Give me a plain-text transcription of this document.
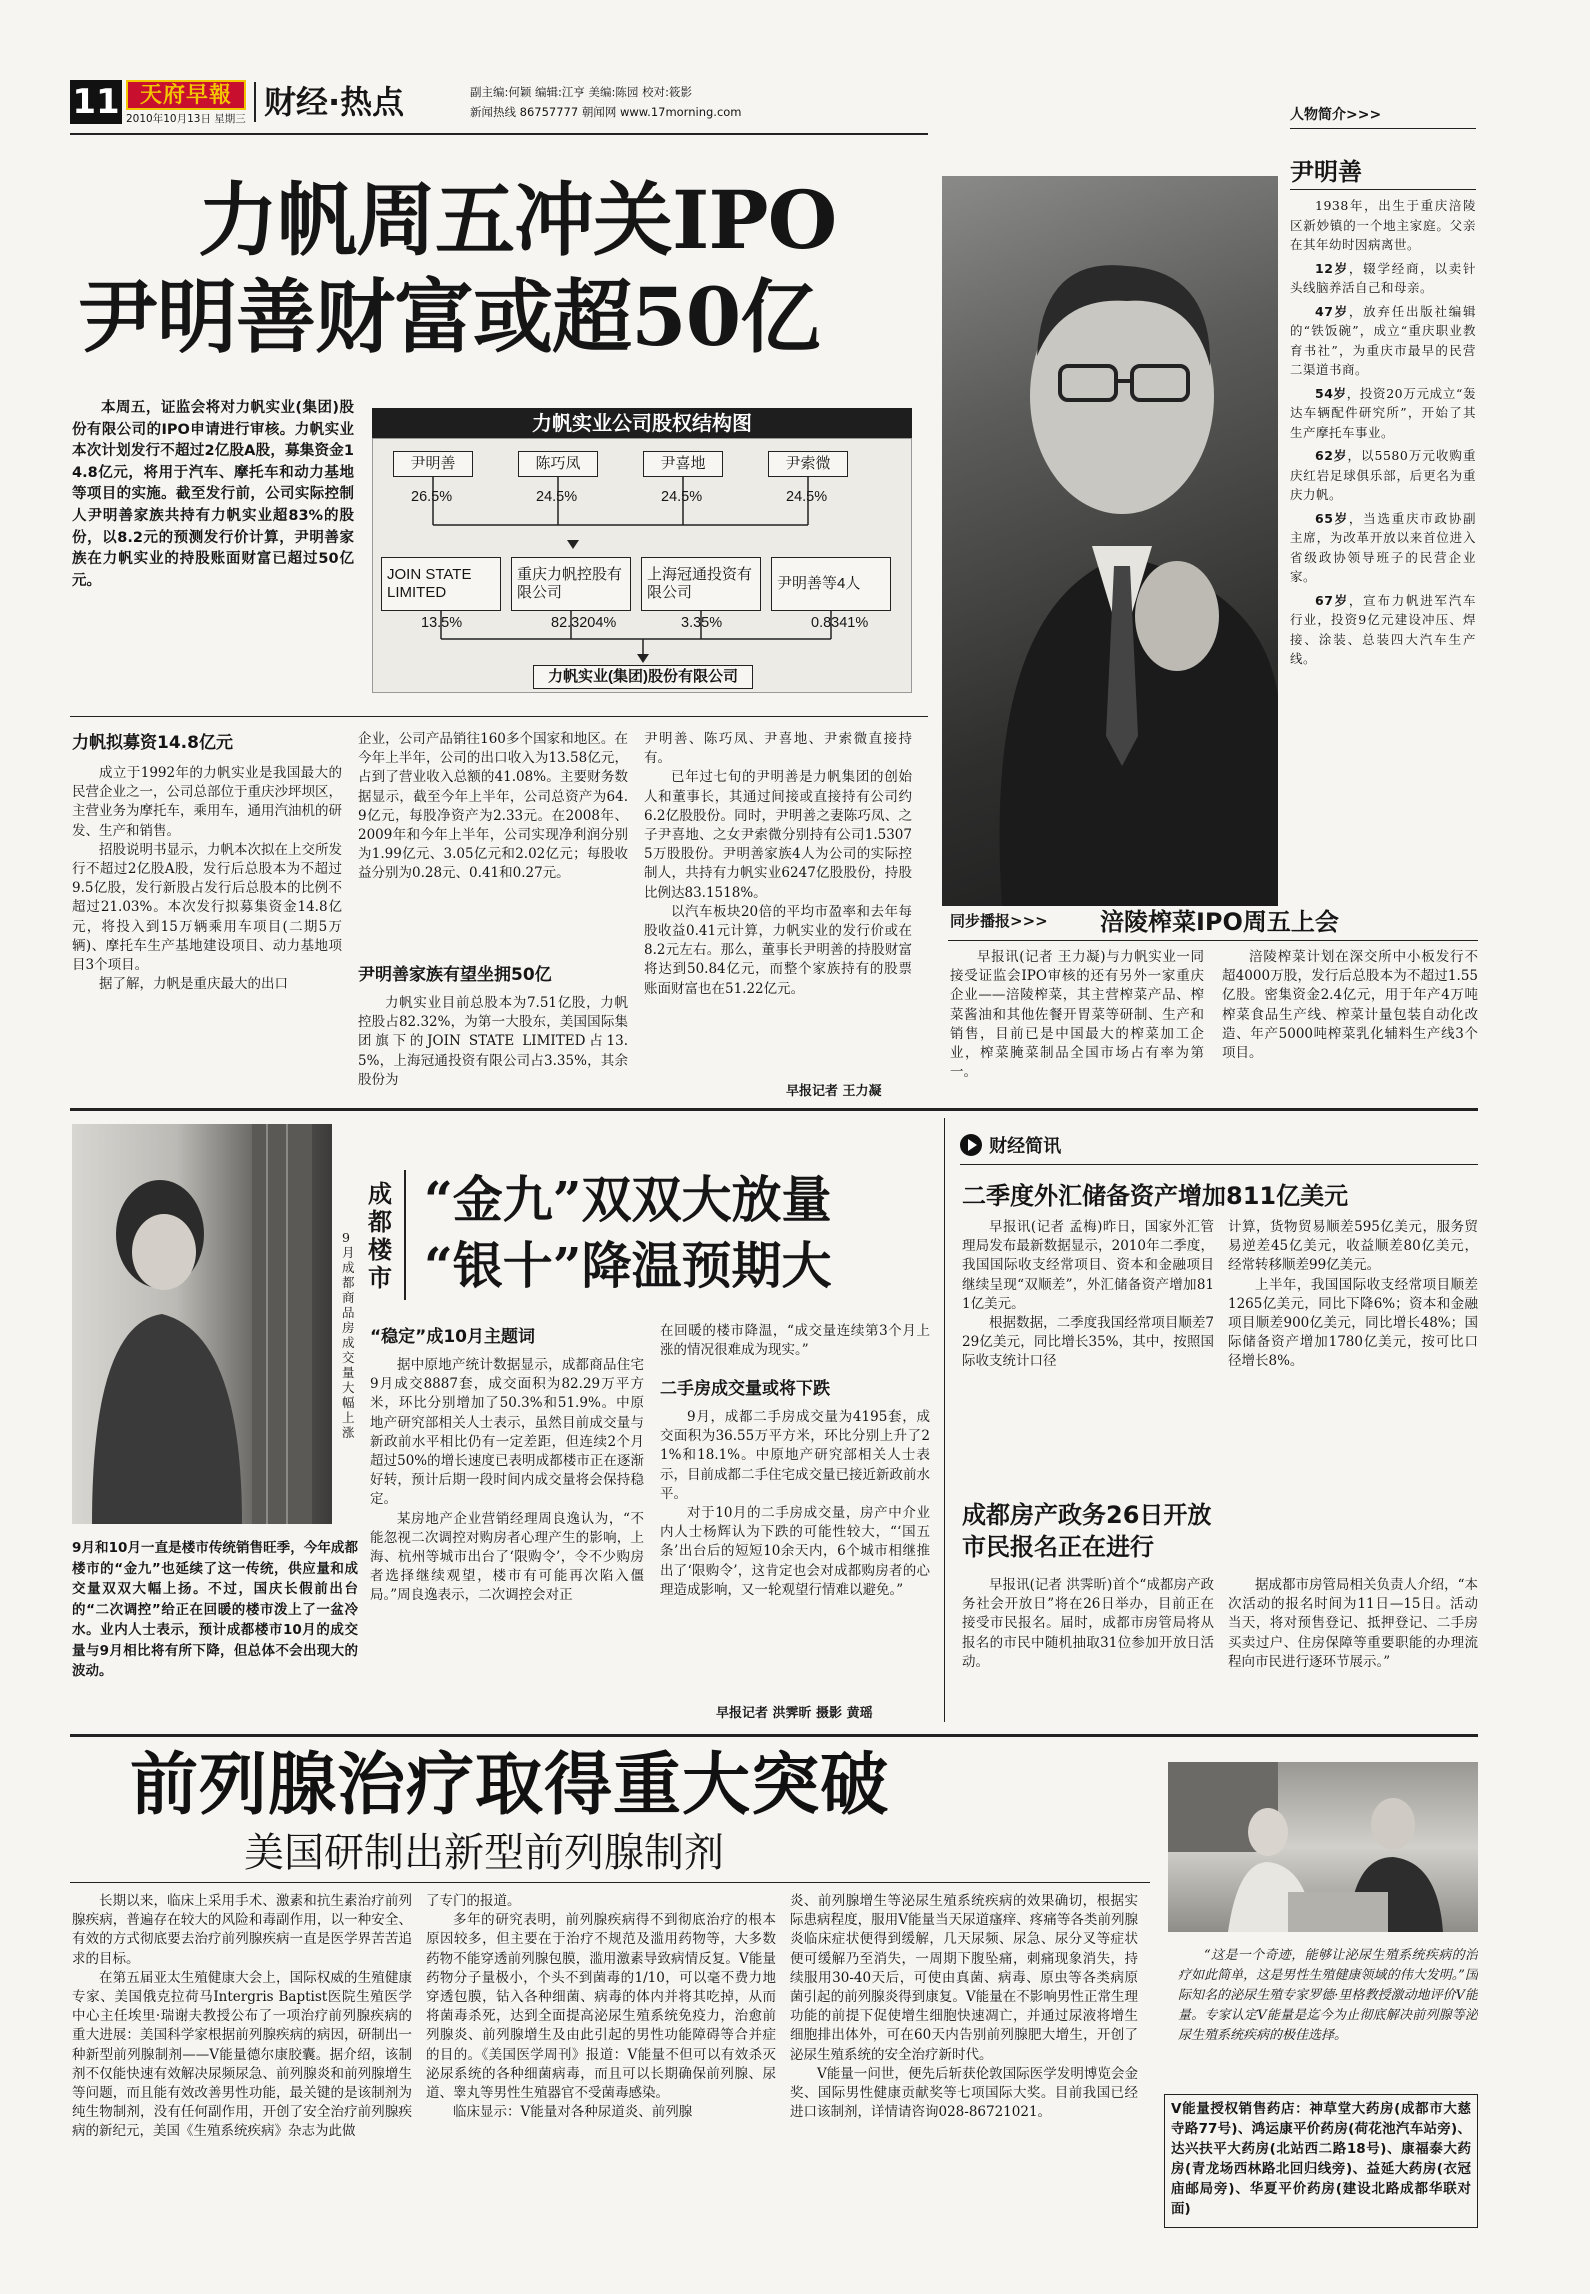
11 天府早報
2010年10月13日 星期三 财经·热点	副主编:何颖 编辑:江亨 美编:陈园 校对:筱影
新闻热线 86757777 朝闻网 www.17morning.com
力帆周五冲关IPO
尹明善财富或超50亿

本周五，证监会将对力帆实业(集团)股份有限公司的IPO申请进行审核。力帆实业本次计划发行不超过2亿股A股，募集资金14.8亿元，将用于汽车、摩托车和动力基地等项目的实施。截至发行前，公司实际控制人尹明善家族共持有力帆实业超83%的股份，以8.2元的预测发行价计算，尹明善家族在力帆实业的持股账面财富已超过50亿元。

力帆实业公司股权结构图
尹明善
26.5%
陈巧凤
24.5%
尹喜地
24.5%
尹索微
24.5%
JOIN STATE LIMITED
13.5%
重庆力帆控股有限公司
82.3204%
上海冠通投资有限公司
3.35%
尹明善等4人
0.8341%
力帆实业(集团)股份有限公司
力帆拟募资14.8亿元

成立于1992年的力帆实业是我国最大的民营企业之一，公司总部位于重庆沙坪坝区，主营业务为摩托车，乘用车，通用汽油机的研发、生产和销售。

招股说明书显示，力帆本次拟在上交所发行不超过2亿股A股，发行后总股本为不超过9.5亿股，发行新股占发行后总股本的比例不超过21.03%。本次发行拟募集资金14.8亿元，将投入到15万辆乘用车项目(二期5万辆)、摩托车生产基地建设项目、动力基地项目3个项目。

据了解，力帆是重庆最大的出口

企业，公司产品销往160多个国家和地区。在今年上半年，公司的出口收入为13.58亿元，占到了营业收入总额的41.08%。主要财务数据显示，截至今年上半年，公司总资产为64.9亿元，每股净资产为2.33元。在2008年、2009年和今年上半年，公司实现净利润分别为1.99亿元、3.05亿元和2.02亿元；每股收益分别为0.28元、0.41和0.27元。

尹明善家族有望坐拥50亿

力帆实业目前总股本为7.51亿股，力帆控股占82.32%，为第一大股东，美国国际集团旗下的JOIN STATE LIMITED占13.5%，上海冠通投资有限公司占3.35%，其余股份为

尹明善、陈巧凤、尹喜地、尹索微直接持有。

已年过七旬的尹明善是力帆集团的创始人和董事长，其通过间接或直接持有公司约6.2亿股股份。同时，尹明善之妻陈巧凤、之子尹喜地、之女尹索微分别持有公司1.53075万股股份。尹明善家族4人为公司的实际控制人，共持有力帆实业6247亿股股份，持股比例达83.1518%。

以汽车板块20倍的平均市盈率和去年每股收益0.41元计算，力帆实业的发行价或在8.2元左右。那么，董事长尹明善的持股财富将达到50.84亿元，而整个家族持有的股票账面财富也在51.22亿元。

早报记者 王力凝
人物简介>>>
尹明善
1938年，出生于重庆涪陵区新妙镇的一个地主家庭。父亲在其年幼时因病离世。
12岁，辍学经商，以卖针头线脑养活自己和母亲。
47岁，放弃任出版社编辑的“铁饭碗”，成立“重庆职业教育书社”，为重庆市最早的民营二渠道书商。
54岁，投资20万元成立“轰达车辆配件研究所”，开始了其生产摩托车事业。
62岁，以5580万元收购重庆红岩足球俱乐部，后更名为重庆力帆。
65岁，当选重庆市政协副主席，为改革开放以来首位进入省级政协领导班子的民营企业家。
67岁，宣布力帆进军汽车行业，投资9亿元建设冲压、焊接、涂装、总装四大汽车生产线。
同步播报>>> 涪陵榨菜IPO周五上会

早报讯(记者 王力凝)与力帆实业一同接受证监会IPO审核的还有另外一家重庆企业——涪陵榨菜，其主营榨菜产品、榨菜酱油和其他佐餐开胃菜等研制、生产和销售，目前已是中国最大的榨菜加工企业，榨菜腌菜制品全国市场占有率为第一。

涪陵榨菜计划在深交所中小板发行不超4000万股，发行后总股本为不超过1.55亿股。密集资金2.4亿元，用于年产4万吨榨菜食品生产线、榨菜计量包装自动化改造、年产5000吨榨菜乳化辅料生产线3个项目。

9月成都商品房成交量大幅上涨

9月和10月一直是楼市传统销售旺季，今年成都楼市的“金九”也延续了这一传统，供应量和成交量双双大幅上扬。不过，国庆长假前出台的“二次调控”给正在回暖的楼市泼上了一盆冷水。业内人士表示，预计成都楼市10月的成交量与9月相比将有所下降，但总体不会出现大的波动。

成都楼市
“金九”双双大放量
“银十”降温预期大
“稳定”成10月主题词

据中原地产统计数据显示，成都商品住宅9月成交8887套，成交面积为82.29万平方米，环比分别增加了50.3%和51.9%。中原地产研究部相关人士表示，虽然目前成交量与新政前水平相比仍有一定差距，但连续2个月超过50%的增长速度已表明成都楼市正在逐渐好转，预计后期一段时间内成交量将会保持稳定。

某房地产企业营销经理周良逸认为，“不能忽视二次调控对购房者心理产生的影响，上海、杭州等城市出台了‘限购令’，令不少购房者选择继续观望，楼市有可能再次陷入僵局。”周良逸表示，二次调控会对正

在回暖的楼市降温，“成交量连续第3个月上涨的情况很难成为现实。”

二手房成交量或将下跌

9月，成都二手房成交量为4195套，成交面积为36.55万平方米，环比分别上升了21%和18.1%。中原地产研究部相关人士表示，目前成都二手住宅成交量已接近新政前水平。

对于10月的二手房成交量，房产中介业内人士杨辉认为下跌的可能性较大，“‘国五条’出台后的短短10余天内，6个城市相继推出了‘限购令’，这肯定也会对成都购房者的心理造成影响，又一轮观望行情难以避免。”

早报记者 洪霁昕 摄影 黄瑶
财经简讯
二季度外汇储备资产增加811亿美元

早报讯(记者 孟梅)昨日，国家外汇管理局发布最新数据显示，2010年二季度，我国国际收支经常项目、资本和金融项目继续呈现“双顺差”，外汇储备资产增加811亿美元。

根据数据，二季度我国经常项目顺差729亿美元，同比增长35%，其中，按照国际收支统计口径

计算，货物贸易顺差595亿美元，服务贸易逆差45亿美元，收益顺差80亿美元，经常转移顺差99亿美元。

上半年，我国国际收支经常项目顺差1265亿美元，同比下降6%；资本和金融项目顺差900亿美元，同比增长48%；国际储备资产增加1780亿美元，按可比口径增长8%。

成都房产政务26日开放
市民报名正在进行

早报讯(记者 洪霁昕)首个“成都房产政务社会开放日”将在26日举办，目前正在接受市民报名。届时，成都市房管局将从报名的市民中随机抽取31位参加开放日活动。

据成都市房管局相关负责人介绍，“本次活动的报名时间为11日—15日。活动当天，将对预售登记、抵押登记、二手房买卖过户、住房保障等重要职能的办理流程向市民进行逐环节展示。”

前列腺治疗取得重大突破
美国研制出新型前列腺制剂

长期以来，临床上采用手术、激素和抗生素治疗前列腺疾病，普遍存在较大的风险和毒副作用，以一种安全、有效的方式彻底要去治疗前列腺疾病一直是医学界苦苦追求的目标。

在第五届亚太生殖健康大会上，国际权威的生殖健康专家、美国俄克拉荷马Intergris Baptist医院生殖医学中心主任埃里·瑞谢夫教授公布了一项治疗前列腺疾病的重大进展：美国科学家根据前列腺疾病的病因，研制出一种新型前列腺制剂——V能量德尔康胶囊。据介绍，该制剂不仅能快速有效解决尿频尿急、前列腺炎和前列腺增生等问题，而且能有效改善男性功能，最关键的是该制剂为纯生物制剂，没有任何副作用，开创了安全治疗前列腺疾病的新纪元，美国《生殖系统疾病》杂志为此做

了专门的报道。

多年的研究表明，前列腺疾病得不到彻底治疗的根本原因较多，但主要在于治疗不规范及滥用药物等，大多数药物不能穿透前列腺包膜，滥用激素导致病情反复。V能量药物分子量极小，个头不到菌毒的1/10，可以毫不费力地穿透包膜，钻入各种细菌、病毒的体内并将其吃掉，从而将菌毒杀死，达到全面提高泌尿生殖系统免疫力，治愈前列腺炎、前列腺增生及由此引起的男性功能障碍等合并症的目的。《美国医学周刊》报道：V能量不但可以有效杀灭泌尿系统的各种细菌病毒，而且可以长期确保前列腺、尿道、睾丸等男性生殖器官不受菌毒感染。

临床显示：V能量对各种尿道炎、前列腺

炎、前列腺增生等泌尿生殖系统疾病的效果确切，根据实际患病程度，服用V能量当天尿道瘙痒、疼痛等各类前列腺炎临床症状便得到缓解，几天尿频、尿急、尿分叉等症状便可缓解乃至消失，一周期下腹坠痛，刺痛现象消失，持续服用30-40天后，可使由真菌、病毒、原虫等各类病原菌引起的前列腺炎得到康复。V能量在不影响男性正常生理功能的前提下促使增生细胞快速凋亡，并通过尿液将增生细胞排出体外，可在60天内告别前列腺肥大增生，开创了泌尿生殖系统的安全治疗新时代。

V能量一问世，便先后斩获伦敦国际医学发明博览会金奖、国际男性健康贡献奖等七项国际大奖。目前我国已经进口该制剂，详情请咨询028-86721021。

“这是一个奇迹，能够让泌尿生殖系统疾病的治疗如此简单，这是男性生殖健康领域的伟大发明。”国际知名的泌尿生殖专家罗德·里格教授激动地评价V能量。专家认定V能量是迄今为止彻底解决前列腺等泌尿生殖系统疾病的极佳选择。

V能量授权销售药店：神草堂大药房(成都市大慈寺路77号)、鸿运康平价药房(荷花池汽车站旁)、达兴扶平大药房(北站西二路18号)、康福泰大药房(青龙场西林路北回归线旁)、益延大药房(衣冠庙邮局旁)、华夏平价药房(建设北路成都华联对面)
